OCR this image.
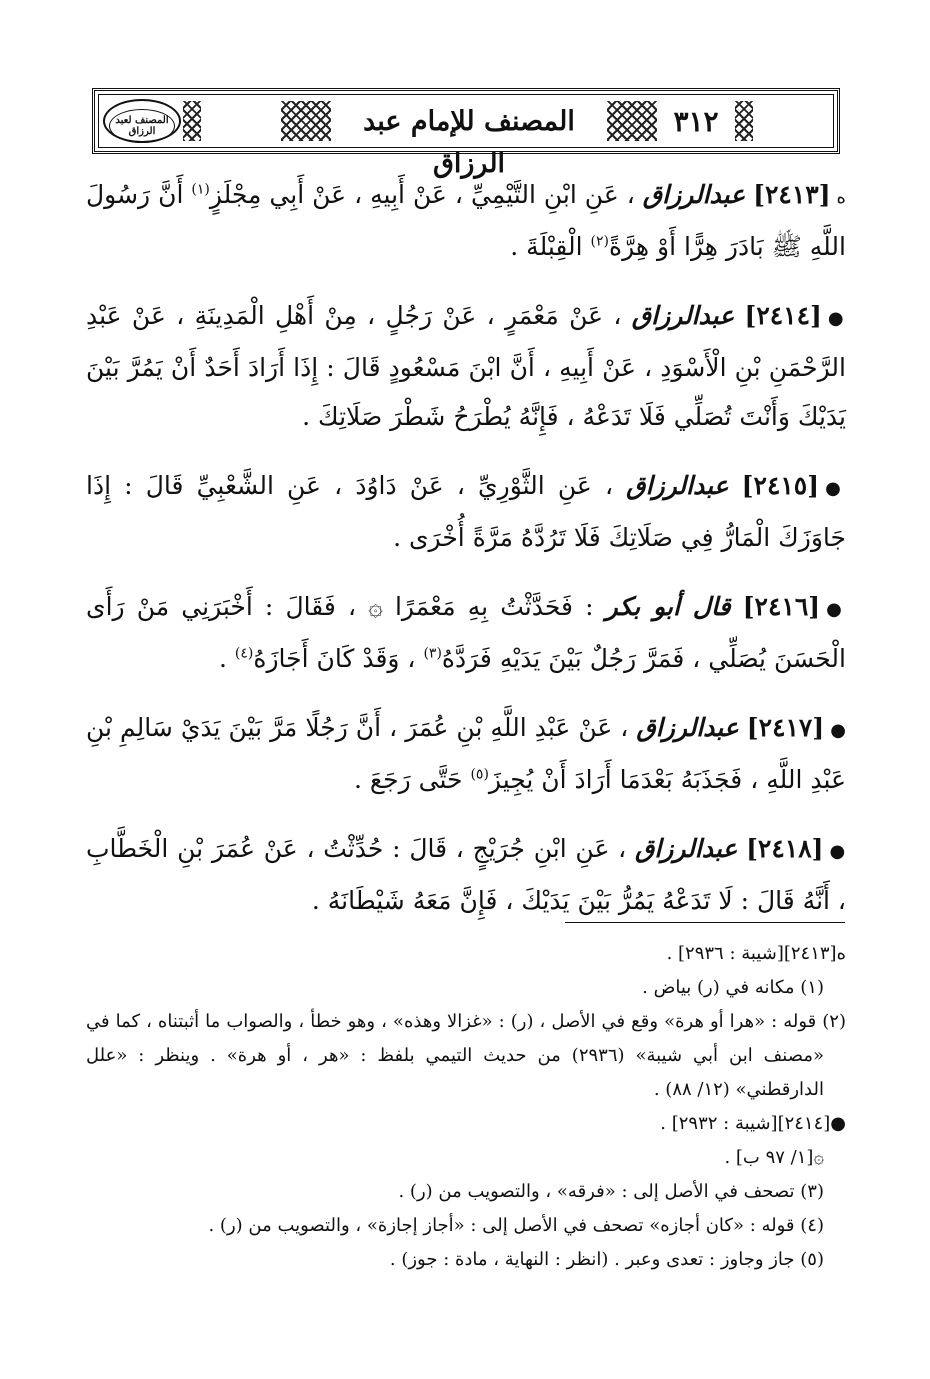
المصنف لعبد الرزاق	المصنف للإمام عبد الرزاق
٣١٢

ه[٢٤١٣] عبدالرزاق ، عَنِ ابْنِ التَّيْمِيِّ ، عَنْ أَبِيهِ ، عَنْ أَبِي مِجْلَزٍ$^{(١)}$ أَنَّ رَسُولَ اللَّهِ ﷺ بَادَرَ هِرًّا أَوْ هِرَّةً$^{(٢)}$ الْقِبْلَةَ .

●[٢٤١٤] عبدالرزاق ، عَنْ مَعْمَرٍ ، عَنْ رَجُلٍ ، مِنْ أَهْلِ الْمَدِينَةِ ، عَنْ عَبْدِ الرَّحْمَنِ بْنِ الْأَسْوَدِ ، عَنْ أَبِيهِ ، أَنَّ ابْنَ مَسْعُودٍ قَالَ : إِذَا أَرَادَ أَحَدٌ أَنْ يَمُرَّ بَيْنَ يَدَيْكَ وَأَنْتَ تُصَلِّي فَلَا تَدَعْهُ ، فَإِنَّهُ يُطْرَحُ شَطْرَ صَلَاتِكَ .

●[٢٤١٥] عبدالرزاق ، عَنِ الثَّوْرِيِّ ، عَنْ دَاوُدَ ، عَنِ الشَّعْبِيِّ قَالَ : إِذَا جَاوَزَكَ الْمَارُّ فِي صَلَاتِكَ فَلَا تَرُدَّهُ مَرَّةً أُخْرَى .

●[٢٤١٦] قال أبو بكر : فَحَدَّثْتُ بِهِ مَعْمَرًا ۞ ، فَقَالَ : أَخْبَرَنِي مَنْ رَأَى الْحَسَنَ يُصَلِّي ، فَمَرَّ رَجُلٌ بَيْنَ يَدَيْهِ فَرَدَّهُ$^{(٣)}$ ، وَقَدْ كَانَ أَجَازَهُ$^{(٤)}$ .

●[٢٤١٧] عبدالرزاق ، عَنْ عَبْدِ اللَّهِ بْنِ عُمَرَ ، أَنَّ رَجُلًا مَرَّ بَيْنَ يَدَيْ سَالِمِ بْنِ عَبْدِ اللَّهِ ، فَجَذَبَهُ بَعْدَمَا أَرَادَ أَنْ يُجِيزَ$^{(٥)}$ حَتَّى رَجَعَ .

●[٢٤١٨] عبدالرزاق ، عَنِ ابْنِ جُرَيْجٍ ، قَالَ : حُدِّثْتُ ، عَنْ عُمَرَ بْنِ الْخَطَّابِ ، أَنَّهُ قَالَ : لَا تَدَعْهُ يَمُرُّ بَيْنَ يَدَيْكَ ، فَإِنَّ مَعَهُ شَيْطَانَهُ .

ه[٢٤١٣][شيبة : ٢٩٣٦] .

(١) مكانه في (ر) بياض .

(٢) قوله : «هرا أو هرة» وقع في الأصل ، (ر) : «غزالا وهذه» ، وهو خطأ ، والصواب ما أثبتناه ، كما في «مصنف ابن أبي شيبة» (٢٩٣٦) من حديث التيمي بلفظ : «هر ، أو هرة» . وينظر : «علل الدارقطني» (١٢/ ٨٨) .

●[٢٤١٤][شيبة : ٢٩٣٢] .

۞[١/ ٩٧ ب] .

(٣) تصحف في الأصل إلى : «فرقه» ، والتصويب من (ر) .

(٤) قوله : «كان أجازه» تصحف في الأصل إلى : «أجاز إجازة» ، والتصويب من (ر) .

(٥) جاز وجاوز : تعدى وعبر . (انظر : النهاية ، مادة : جوز) .
